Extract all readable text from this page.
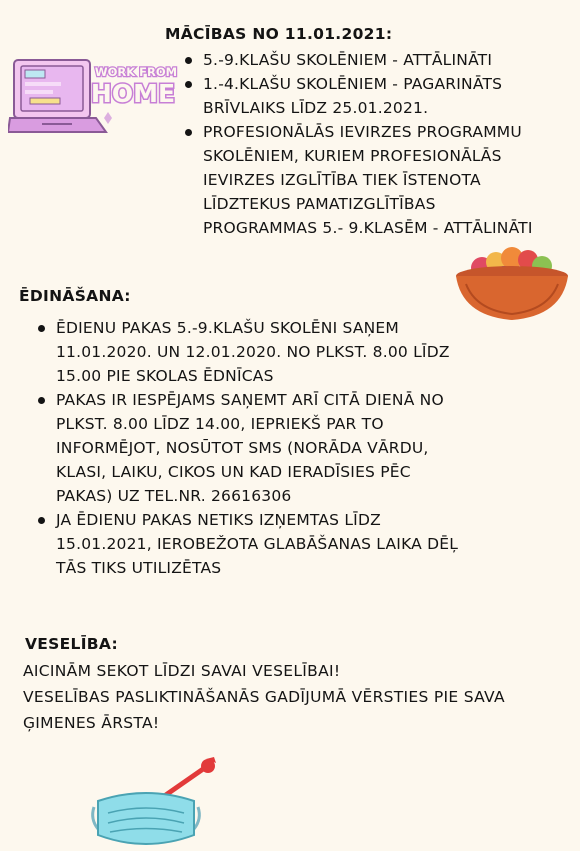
WORK FROM
HOME
MĀCĪBAS NO 11.01.2021:
5.-9.KLAŠU SKOLĒNIEM - ATTĀLINĀTI
1.-4.KLAŠU SKOLĒNIEM - PAGARINĀTS BRĪVLAIKS LĪDZ 25.01.2021.
PROFESIONĀLĀS IEVIRZES PROGRAMMU SKOLĒNIEM, KURIEM PROFESIONĀLĀS IEVIRZES IZGLĪTĪBA TIEK ĪSTENOTA LĪDZTEKUS PAMATIZGLĪTĪBAS PROGRAMMAS 5.- 9.KLASĒM - ATTĀLINĀTI
ĒDINĀŠANA:
ĒDIENU PAKAS 5.-9.KLAŠU SKOLĒNI SAŅEM 11.01.2020. UN 12.01.2020. NO PLKST. 8.00 LĪDZ 15.00 PIE SKOLAS ĒDNĪCAS
PAKAS IR IESPĒJAMS SAŅEMT ARĪ CITĀ DIENĀ NO PLKST. 8.00 LĪDZ 14.00, IEPRIEKŠ PAR TO INFORMĒJOT, NOSŪTOT SMS (NORĀDA VĀRDU, KLASI, LAIKU, CIKOS UN KAD IERADĪSIES PĒC PAKAS) UZ TEL.NR. 26616306
JA ĒDIENU PAKAS NETIKS IZŅEMTAS LĪDZ 15.01.2021, IEROBEŽOTA GLABĀŠANAS LAIKA DĒĻ TĀS TIKS UTILIZĒTAS
VESELĪBA:

AICINĀM SEKOT LĪDZI SAVAI VESELĪBAI!

VESELĪBAS PASLIKTINĀŠANĀS GADĪJUMĀ VĒRSTIES PIE SAVA ĢIMENES ĀRSTA!
